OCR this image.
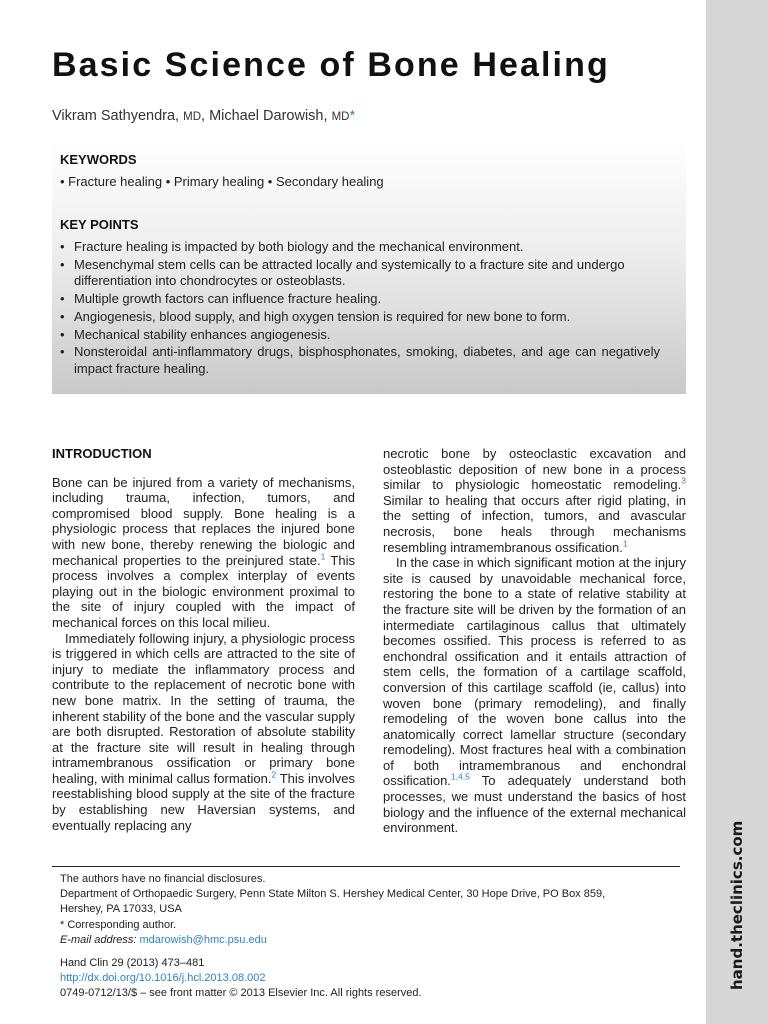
hand.theclinics.com
Basic Science of Bone Healing
Vikram Sathyendra, MD, Michael Darowish, MD*
KEYWORDS
• Fracture healing • Primary healing • Secondary healing
KEY POINTS
• Fracture healing is impacted by both biology and the mechanical environment.
• Mesenchymal stem cells can be attracted locally and systemically to a fracture site and undergo differentiation into chondrocytes or osteoblasts.
• Multiple growth factors can influence fracture healing.
• Angiogenesis, blood supply, and high oxygen tension is required for new bone to form.
• Mechanical stability enhances angiogenesis.
• Nonsteroidal anti-inflammatory drugs, bisphosphonates, smoking, diabetes, and age can negatively impact fracture healing.
INTRODUCTION

Bone can be injured from a variety of mechanisms, including trauma, infection, tumors, and compromised blood supply. Bone healing is a physiologic process that replaces the injured bone with new bone, thereby renewing the biologic and mechanical properties to the preinjured state.$^1$ This process involves a complex interplay of events playing out in the biologic environment proximal to the site of injury coupled with the impact of mechanical forces on this local milieu.

Immediately following injury, a physiologic process is triggered in which cells are attracted to the site of injury to mediate the inflammatory process and contribute to the replacement of necrotic bone with new bone matrix. In the setting of trauma, the inherent stability of the bone and the vascular supply are both disrupted. Restoration of absolute stability at the fracture site will result in healing through intramembranous ossification or primary bone healing, with minimal callus formation.$^2$ This involves reestablishing blood supply at the site of the fracture by establishing new Haversian systems, and eventually replacing any

necrotic bone by osteoclastic excavation and osteoblastic deposition of new bone in a process similar to physiologic homeostatic remodeling.$^3$ Similar to healing that occurs after rigid plating, in the setting of infection, tumors, and avascular necrosis, bone heals through mechanisms resembling intramembranous ossification.$^1$

In the case in which significant motion at the injury site is caused by unavoidable mechanical force, restoring the bone to a state of relative stability at the fracture site will be driven by the formation of an intermediate cartilaginous callus that ultimately becomes ossified. This process is referred to as enchondral ossification and it entails attraction of stem cells, the formation of a cartilage scaffold, conversion of this cartilage scaffold (ie, callus) into woven bone (primary remodeling), and finally remodeling of the woven bone callus into the anatomically correct lamellar structure (secondary remodeling). Most fractures heal with a combination of both intramembranous and enchondral ossification.$^{1,4,5}$ To adequately understand both processes, we must understand the basics of host biology and the influence of the external mechanical environment.

The authors have no financial disclosures.
Department of Orthopaedic Surgery, Penn State Milton S. Hershey Medical Center, 30 Hope Drive, PO Box 859,
Hershey, PA 17033, USA
* Corresponding author.
E-mail address: mdarowish@hmc.psu.edu
Hand Clin 29 (2013) 473–481
http://dx.doi.org/10.1016/j.hcl.2013.08.002
0749-0712/13/$ – see front matter © 2013 Elsevier Inc. All rights reserved.
